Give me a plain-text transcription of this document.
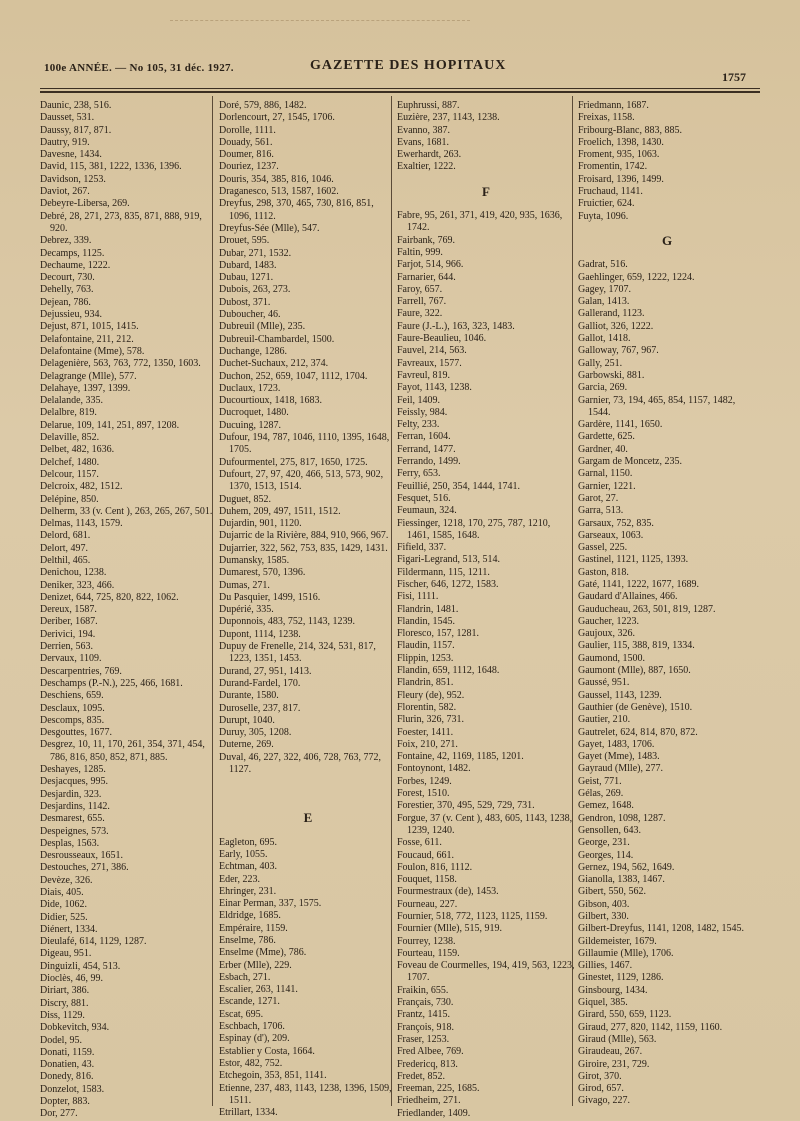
100e ANNÉE. — No 105, 31 déc. 1927.	GAZETTE DES HOPITAUX
1757
Daunic, 238, 516.
Dausset, 531.
Daussy, 817, 871.
Dautry, 919.
Davesne, 1434.
David, 115, 381, 1222, 1336, 1396.
Davidson, 1253.
Daviot, 267.
Debeyre-Libersa, 269.
Debré, 28, 271, 273, 835, 871, 888, 919, 920.
Debrez, 339.
Decamps, 1125.
Dechaume, 1222.
Decourt, 730.
Dehelly, 763.
Dejean, 786.
Dejussieu, 934.
Dejust, 871, 1015, 1415.
Delafontaine, 211, 212.
Delafontaine (Mme), 578.
Delagenière, 563, 763, 772, 1350, 1603.
Delagrange (Mlle), 577.
Delahaye, 1397, 1399.
Delalande, 335.
Delalbre, 819.
Delarue, 109, 141, 251, 897, 1208.
Delaville, 852.
Delbet, 482, 1636.
Delchef, 1480.
Delcour, 1157.
Delcroix, 482, 1512.
Delépine, 850.
Delherm, 33 (v. Cent ), 263, 265, 267, 501.
Delmas, 1143, 1579.
Delord, 681.
Delort, 497.
Delthil, 465.
Denichou, 1238.
Deniker, 323, 466.
Denizet, 644, 725, 820, 822, 1062.
Dereux, 1587.
Deriber, 1687.
Derivici, 194.
Derrien, 563.
Dervaux, 1109.
Descarpentries, 769.
Deschamps (P.-N.), 225, 466, 1681.
Deschiens, 659.
Desclaux, 1095.
Descomps, 835.
Desgouttes, 1677.
Desgrez, 10, 11, 170, 261, 354, 371, 454, 786, 816, 850, 852, 871, 885.
Deshayes, 1285.
Desjacques, 995.
Desjardin, 323.
Desjardins, 1142.
Desmarest, 655.
Despeignes, 573.
Desplas, 1563.
Desrousseaux, 1651.
Destouches, 271, 386.
Devèze, 326.
Diais, 405.
Dide, 1062.
Didier, 525.
Diénert, 1334.
Dieulafé, 614, 1129, 1287.
Digeau, 951.
Dinguizli, 454, 513.
Dioclès, 46, 99.
Diriart, 386.
Discry, 881.
Diss, 1129.
Dobkevitch, 934.
Dodel, 95.
Donati, 1159.
Donatien, 43.
Donedy, 816.
Donzelot, 1583.
Dopter, 883.
Dor, 277.
Doré, 579, 886, 1482.
Dorlencourt, 27, 1545, 1706.
Dorolle, 1111.
Douady, 561.
Doumer, 816.
Douriez, 1237.
Douris, 354, 385, 816, 1046.
Draganesco, 513, 1587, 1602.
Dreyfus, 298, 370, 465, 730, 816, 851, 1096, 1112.
Dreyfus-Sée (Mlle), 547.
Drouet, 595.
Dubar, 271, 1532.
Dubard, 1483.
Dubau, 1271.
Dubois, 263, 273.
Dubost, 371.
Duboucher, 46.
Dubreuil (Mlle), 235.
Dubreuil-Chambardel, 1500.
Duchange, 1286.
Duchet-Suchaux, 212, 374.
Duchon, 252, 659, 1047, 1112, 1704.
Duclaux, 1723.
Ducourtioux, 1418, 1683.
Ducroquet, 1480.
Ducuing, 1287.
Dufour, 194, 787, 1046, 1110, 1395, 1648, 1705.
Dufourmentel, 275, 817, 1650, 1725.
Dufourt, 27, 97, 420, 466, 513, 573, 902, 1370, 1513, 1514.
Duguet, 852.
Duhem, 209, 497, 1511, 1512.
Dujardin, 901, 1120.
Dujarric de la Rivière, 884, 910, 966, 967.
Dujarrier, 322, 562, 753, 835, 1429, 1431.
Dumansky, 1585.
Dumarest, 570, 1396.
Dumas, 271.
Du Pasquier, 1499, 1516.
Dupérié, 335.
Duponnois, 483, 752, 1143, 1239.
Dupont, 1114, 1238.
Dupuy de Frenelle, 214, 324, 531, 817, 1223, 1351, 1453.
Durand, 27, 951, 1413.
Durand-Fardel, 170.
Durante, 1580.
Duroselle, 237, 817.
Durupt, 1040.
Duruy, 305, 1208.
Duterne, 269.
Duval, 46, 227, 322, 406, 728, 763, 772, 1127.
E
Eagleton, 695.
Early, 1055.
Echtman, 403.
Eder, 223.
Ehringer, 231.
Einar Perman, 337, 1575.
Eldridge, 1685.
Empéraire, 1159.
Enselme, 786.
Enselme (Mme), 786.
Erber (Mlle), 229.
Esbach, 271.
Escalier, 263, 1141.
Escande, 1271.
Escat, 695.
Eschbach, 1706.
Espinay (d'), 209.
Establier y Costa, 1664.
Estor, 482, 752.
Etchegoin, 353, 851, 1141.
Etienne, 237, 483, 1143, 1238, 1396, 1509, 1511.
Etrillart, 1334.
Euphrussi, 887.
Euzière, 237, 1143, 1238.
Evanno, 387.
Evans, 1681.
Ewerhardt, 263.
Exaltier, 1222.
F
Fabre, 95, 261, 371, 419, 420, 935, 1636, 1742.
Fairbank, 769.
Faltin, 999.
Farjot, 514, 966.
Farnarier, 644.
Faroy, 657.
Farrell, 767.
Faure, 322.
Faure (J.-L.), 163, 323, 1483.
Faure-Beaulieu, 1046.
Fauvel, 214, 563.
Favreaux, 1577.
Favreul, 819.
Fayot, 1143, 1238.
Feil, 1409.
Feissly, 984.
Felty, 233.
Ferran, 1604.
Ferrand, 1477.
Ferrando, 1499.
Ferry, 653.
Feuillié, 250, 354, 1444, 1741.
Fesquet, 516.
Feumaun, 324.
Fiessinger, 1218, 170, 275, 787, 1210, 1461, 1585, 1648.
Fifield, 337.
Figari-Legrand, 513, 514.
Fildermann, 115, 1211.
Fischer, 646, 1272, 1583.
Fisi, 1111.
Flandrin, 1481.
Flandin, 1545.
Floresco, 157, 1281.
Flaudin, 1157.
Flippin, 1253.
Flandin, 659, 1112, 1648.
Flandrin, 851.
Fleury (de), 952.
Florentin, 582.
Flurin, 326, 731.
Foester, 1411.
Foix, 210, 271.
Fontaine, 42, 1169, 1185, 1201.
Fontoynont, 1482.
Forbes, 1249.
Forest, 1510.
Forestier, 370, 495, 529, 729, 731.
Forgue, 37 (v. Cent ), 483, 605, 1143, 1238, 1239, 1240.
Fosse, 611.
Foucaud, 661.
Foulon, 816, 1112.
Fouquet, 1158.
Fourmestraux (de), 1453.
Fourneau, 227.
Fournier, 518, 772, 1123, 1125, 1159.
Fournier (Mlle), 515, 919.
Fourrey, 1238.
Fourteau, 1159.
Foveau de Courmelles, 194, 419, 563, 1223, 1707.
Fraikin, 655.
Français, 730.
Frantz, 1415.
François, 918.
Fraser, 1253.
Fred Albee, 769.
Fredericq, 813.
Fredet, 852.
Freeman, 225, 1685.
Friedheim, 271.
Friedlander, 1409.
Friedmann, 1687.
Freixas, 1158.
Fribourg-Blanc, 883, 885.
Froelich, 1398, 1430.
Froment, 935, 1063.
Fromentin, 1742.
Froisard, 1396, 1499.
Fruchaud, 1141.
Fruictier, 624.
Fuyta, 1096.
G
Gadrat, 516.
Gaehlinger, 659, 1222, 1224.
Gagey, 1707.
Galan, 1413.
Gallerand, 1123.
Galliot, 326, 1222.
Gallot, 1418.
Galloway, 767, 967.
Gally, 251.
Garbowski, 881.
Garcia, 269.
Garnier, 73, 194, 465, 854, 1157, 1482, 1544.
Gardère, 1141, 1650.
Gardette, 625.
Gardner, 40.
Gargam de Moncetz, 235.
Garnal, 1150.
Garnier, 1221.
Garot, 27.
Garra, 513.
Garsaux, 752, 835.
Garseaux, 1063.
Gassel, 225.
Gastinel, 1121, 1125, 1393.
Gaston, 818.
Gaté, 1141, 1222, 1677, 1689.
Gaudard d'Allaines, 466.
Gauducheau, 263, 501, 819, 1287.
Gaucher, 1223.
Gaujoux, 326.
Gaulier, 115, 388, 819, 1334.
Gaumond, 1500.
Gaumont (Mlle), 887, 1650.
Gaussé, 951.
Gaussel, 1143, 1239.
Gauthier (de Genève), 1510.
Gautier, 210.
Gautrelet, 624, 814, 870, 872.
Gayet, 1483, 1706.
Gayet (Mme), 1483.
Gayraud (Mlle), 277.
Geist, 771.
Gélas, 269.
Gemez, 1648.
Gendron, 1098, 1287.
Gensollen, 643.
George, 231.
Georges, 114.
Gernez, 194, 562, 1649.
Gianolla, 1383, 1467.
Gibert, 550, 562.
Gibson, 403.
Gilbert, 330.
Gilbert-Dreyfus, 1141, 1208, 1482, 1545.
Gildemeister, 1679.
Gillaumie (Mlle), 1706.
Gillies, 1467.
Ginestet, 1129, 1286.
Ginsbourg, 1434.
Giquel, 385.
Girard, 550, 659, 1123.
Giraud, 277, 820, 1142, 1159, 1160.
Giraud (Mlle), 563.
Giraudeau, 267.
Giroire, 231, 729.
Girot, 370.
Girod, 657.
Givago, 227.
